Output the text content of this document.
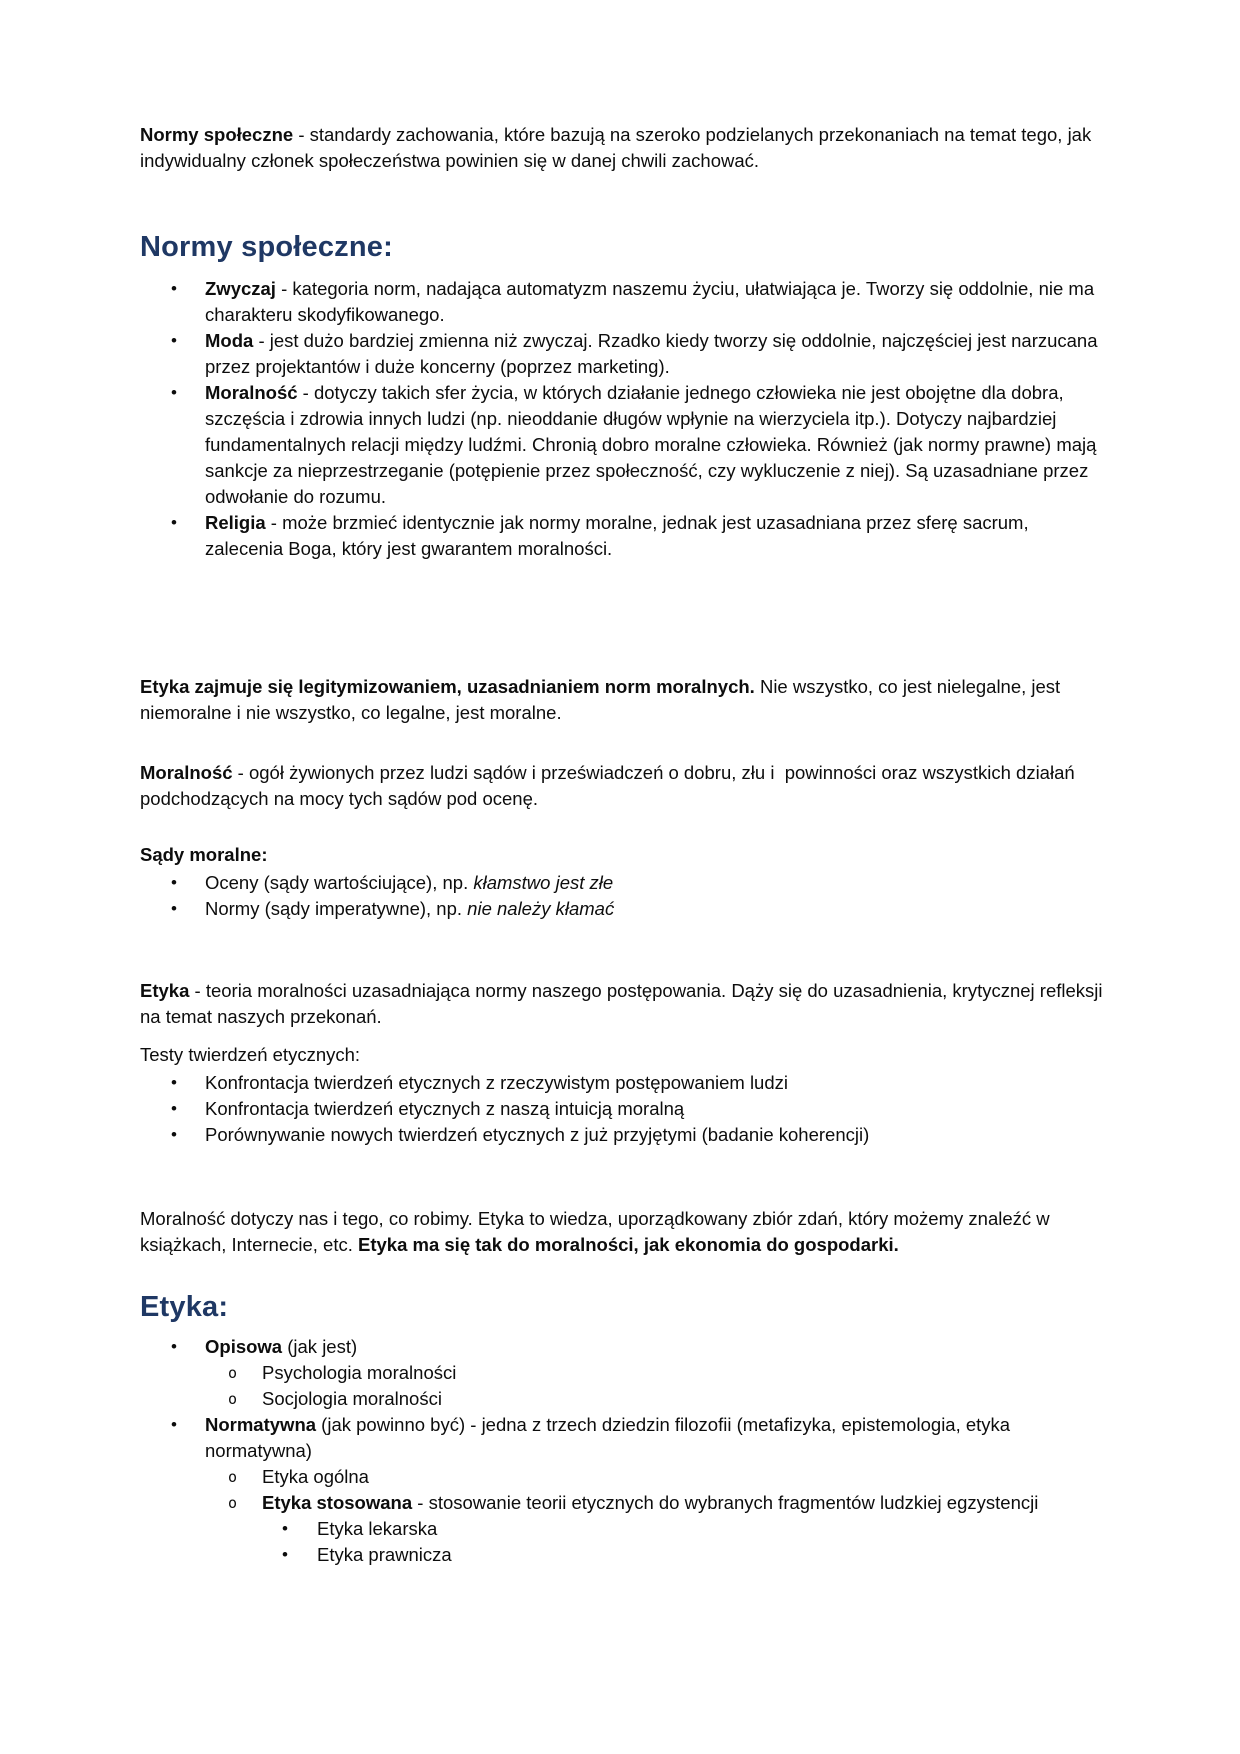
Normy społeczne - standardy zachowania, które bazują na szeroko podzielanych przekonaniach na temat tego, jak  indywidualny członek społeczeństwa powinien się w danej chwili zachować.

Normy społeczne:
• Zwyczaj - kategoria norm, nadająca automatyzm naszemu życiu, ułatwiająca je. Tworzy się oddolnie, nie ma charakteru skodyfikowanego.
• Moda - jest dużo bardziej zmienna niż zwyczaj. Rzadko kiedy tworzy się oddolnie, najczęściej jest narzucana przez projektantów i duże koncerny (poprzez marketing).
• Moralność - dotyczy takich sfer życia, w których działanie jednego człowieka nie jest obojętne dla dobra, szczęścia i zdrowia innych ludzi (np. nieoddanie długów wpłynie na wierzyciela itp.). Dotyczy najbardziej fundamentalnych relacji między ludźmi. Chronią dobro moralne człowieka. Również (jak normy prawne) mają sankcje za nieprzestrzeganie (potępienie przez społeczność, czy wykluczenie z niej). Są uzasadniane przez odwołanie do rozumu.
• Religia - może brzmieć identycznie jak normy moralne, jednak jest uzasadniana przez sferę sacrum, zalecenia Boga, który jest gwarantem moralności.

Etyka zajmuje się legitymizowaniem, uzasadnianiem norm moralnych. Nie wszystko, co jest nielegalne, jest niemoralne i nie wszystko, co legalne, jest moralne.

Moralność - ogół żywionych przez ludzi sądów i przeświadczeń o dobru, złu i  powinności oraz wszystkich działań podchodzących na mocy tych sądów pod ocenę.

Sądy moralne:

• Oceny (sądy wartościujące), np. kłamstwo jest złe
• Normy (sądy imperatywne), np. nie należy kłamać

Etyka - teoria moralności uzasadniająca normy naszego postępowania. Dąży się do uzasadnienia, krytycznej refleksji na temat naszych przekonań.

Testy twierdzeń etycznych:

• Konfrontacja twierdzeń etycznych z rzeczywistym postępowaniem ludzi
• Konfrontacja twierdzeń etycznych z naszą intuicją moralną
• Porównywanie nowych twierdzeń etycznych z już przyjętymi (badanie koherencji)

Moralność dotyczy nas i tego, co robimy. Etyka to wiedza, uporządkowany zbiór zdań, który możemy znaleźć w książkach, Internecie, etc. Etyka ma się tak do moralności, jak ekonomia do gospodarki.

Etyka:
• Opisowa (jak jest)
o Psychologia moralności
o Socjologia moralności
• Normatywna (jak powinno być) - jedna z trzech dziedzin filozofii (metafizyka, epistemologia, etyka normatywna)
o Etyka ogólna
o Etyka stosowana - stosowanie teorii etycznych do wybranych fragmentów ludzkiej egzystencji
• Etyka lekarska
• Etyka prawnicza
